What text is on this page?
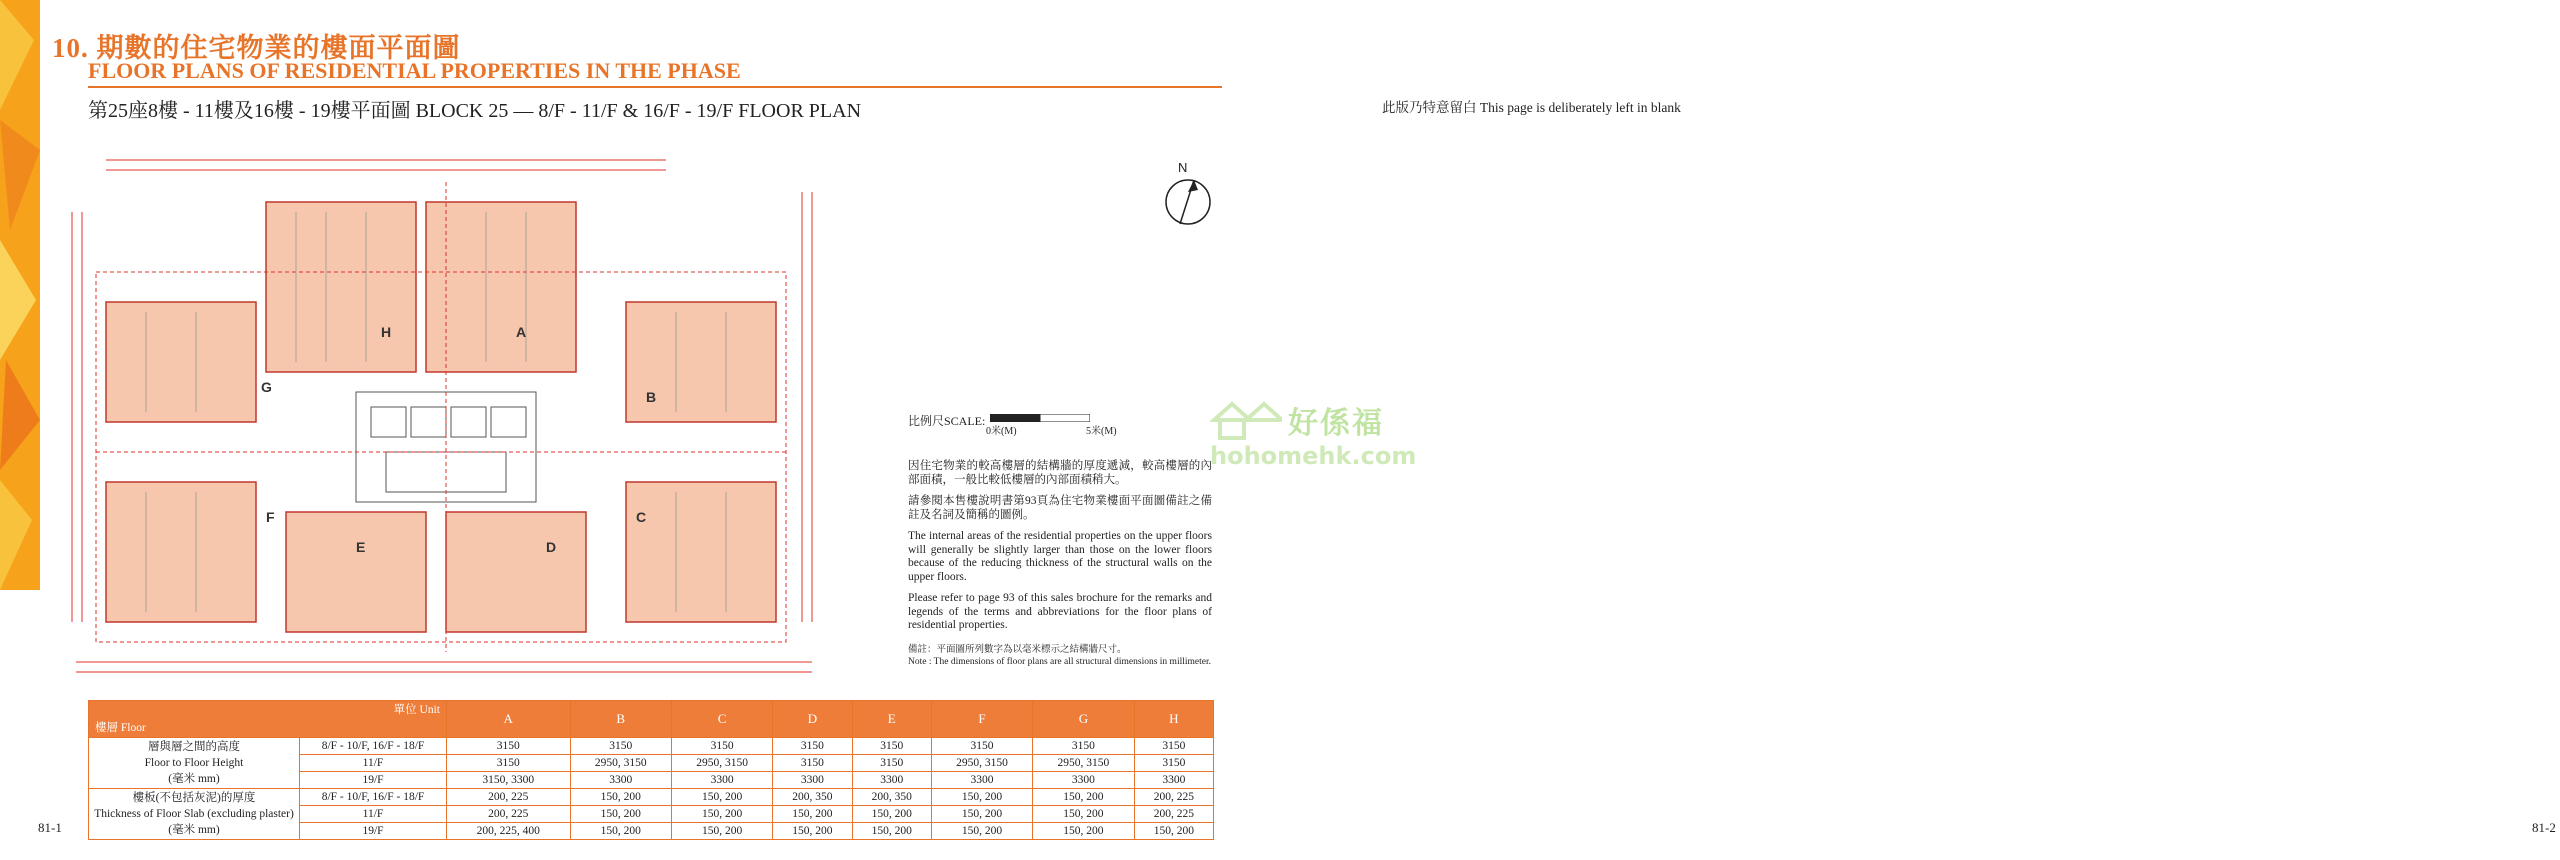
10. 期數的住宅物業的樓面平面圖
FLOOR PLANS OF RESIDENTIAL PROPERTIES IN THE PHASE
第25座8樓 - 11樓及16樓 - 19樓平面圖 BLOCK 25 — 8/F - 11/F & 16/F - 19/F FLOOR PLAN	此版乃特意留白 This page is deliberately left in blank
A
B
C
D
E
F
G
H
N
比例尺SCALE:
0米(M)	5米(M)

因住宅物業的較高樓層的結構牆的厚度遞減，較高樓層的內部面積，一般比較低樓層的內部面積稍大。

請參閱本售樓說明書第93頁為住宅物業樓面平面圖備註之備註及名詞及簡稱的圖例。

The internal areas of the residential properties on the upper floors will generally be slightly larger than those on the lower floors because of the reducing thickness of the structural walls on the upper floors.

Please refer to page 93 of this sales brochure for the remarks and legends of the terms and abbreviations for the floor plans of residential properties.

備註：平面圖所列數字為以毫米標示之結構牆尺寸。
Note : The dimensions of floor plans are all structural dimensions in millimeter.
好係福
hohomehk.com
單位 Unit
樓層 Floor		A	B	C	D	E	F	G	H

層與層之間的高度
Floor to Floor Height
(毫米 mm)	8/F - 10/F, 16/F - 18/F	3150	3150	3150	3150	3150	3150	3150	3150
	11/F	3150	2950, 3150	2950, 3150	3150	3150	2950, 3150	2950, 3150	3150
	19/F	3150, 3300	3300	3300	3300	3300	3300	3300	3300

樓板(不包括灰泥)的厚度
Thickness of Floor Slab (excluding plaster)
(毫米 mm)	8/F - 10/F, 16/F - 18/F	200, 225	150, 200	150, 200	200, 350	200, 350	150, 200	150, 200	200, 225
	11/F	200, 225	150, 200	150, 200	150, 200	150, 200	150, 200	150, 200	200, 225
	19/F	200, 225, 400	150, 200	150, 200	150, 200	150, 200	150, 200	150, 200	150, 200
81-1	81-2
